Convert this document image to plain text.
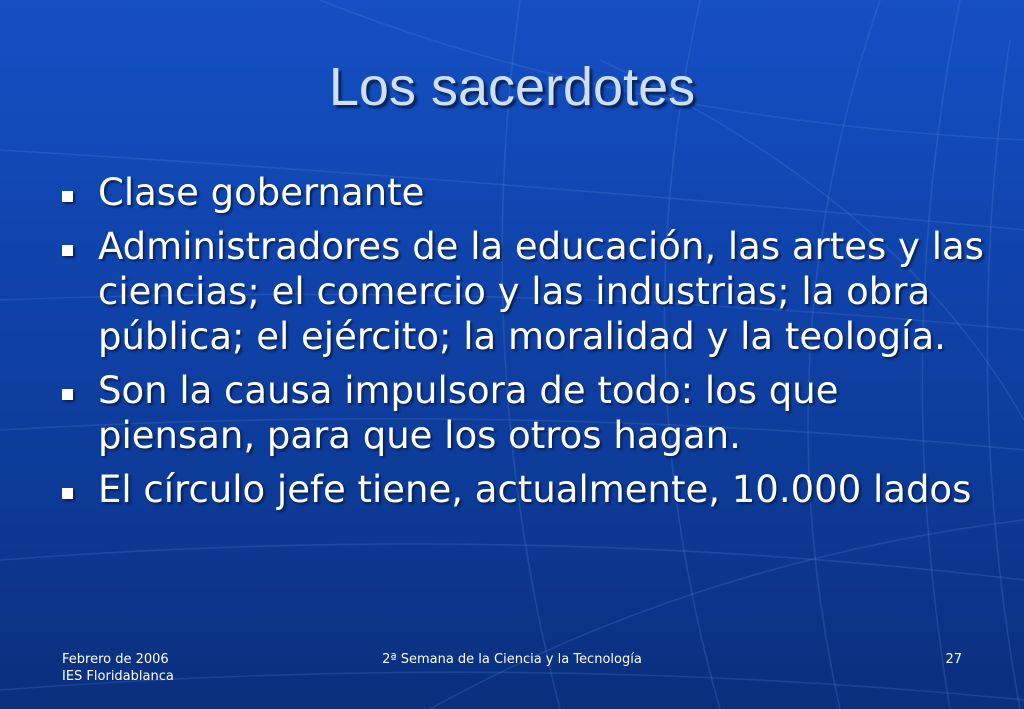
Los sacerdotes
Clase gobernante
Administradores de la educación, las artes y las ciencias; el comercio y las industrias; la obra pública; el ejército; la moralidad y la teología.
Son la causa impulsora de todo: los que piensan, para que los otros hagan.
El círculo jefe tiene, actualmente, 10.000 lados
Febrero de 2006
IES Floridablanca
2ª Semana de la Ciencia y la Tecnología	27
